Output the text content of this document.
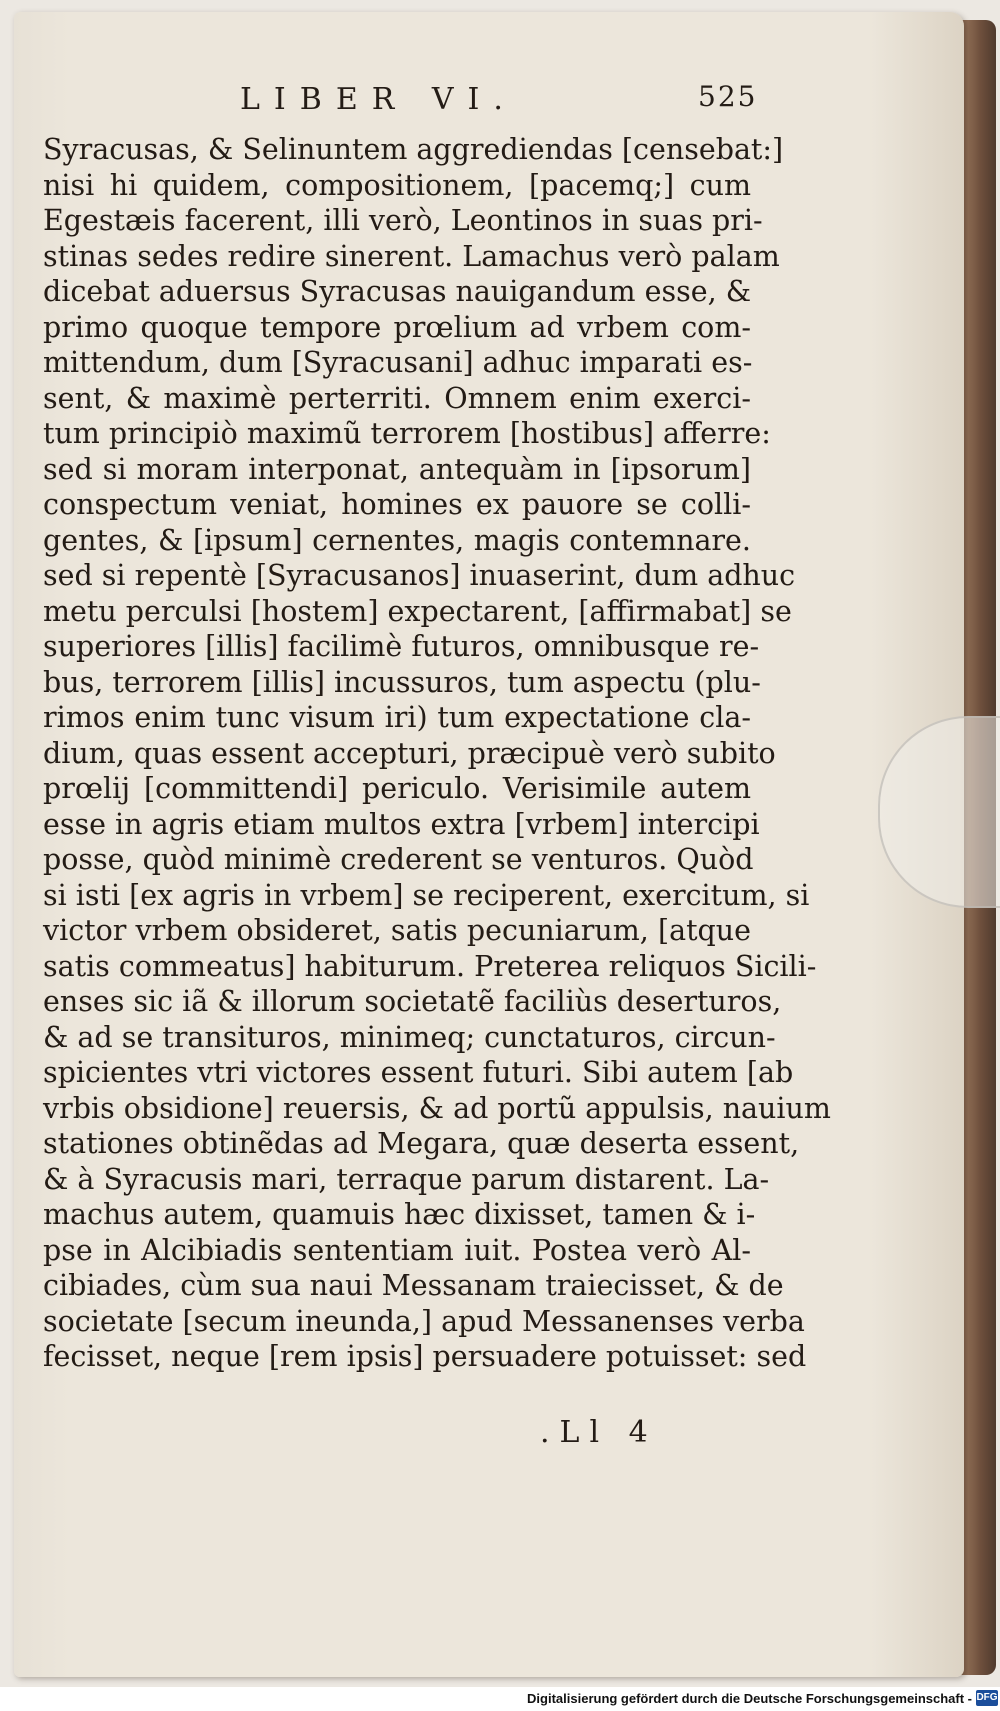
LIBER VI.	525
Syracusas, & Selinuntem aggrediendas [censebat:]
nisi hi quidem, compositionem, [pacemq;] cum
Egestæis facerent, illi verò, Leontinos in suas pri-
stinas sedes redire sinerent. Lamachus verò palam
dicebat aduersus Syracusas nauigandum esse, &
primo quoque tempore prœlium ad vrbem com-
mittendum, dum [Syracusani] adhuc imparati es-
sent, & maximè perterriti. Omnem enim exerci-
tum principiò maximũ terrorem [hostibus] afferre:
sed si moram interponat, antequàm in [ipsorum]
conspectum veniat, homines ex pauore se colli-
gentes, & [ipsum] cernentes, magis contemnare.
sed si repentè [Syracusanos] inuaserint, dum adhuc
metu perculsi [hostem] expectarent, [affirmabat] se
superiores [illis] facilimè futuros, omnibusque re-
bus, terrorem [illis] incussuros, tum aspectu (plu-
rimos enim tunc visum iri) tum expectatione cla-
dium, quas essent accepturi, præcipuè verò subito
prœlij [committendi] periculo. Verisimile autem
esse in agris etiam multos extra [vrbem] intercipi
posse, quòd minimè crederent se venturos. Quòd
si isti [ex agris in vrbem] se reciperent, exercitum, si
victor vrbem obsideret, satis pecuniarum, [atque
satis commeatus] habiturum. Preterea reliquos Sicili-
enses sic iã & illorum societatẽ faciliùs deserturos,
& ad se transituros, minimeq; cunctaturos, circun-
spicientes vtri victores essent futuri. Sibi autem [ab
vrbis obsidione] reuersis, & ad portũ appulsis, nauium
stationes obtinẽdas ad Megara, quæ deserta essent,
& à Syracusis mari, terraque parum distarent. La-
machus autem, quamuis hæc dixisset, tamen & i-
pse in Alcibiadis sententiam iuit. Postea verò Al-
cibiades, cùm sua naui Messanam traiecisset, & de
societate [secum ineunda,] apud Messanenses verba
fecisset, neque [rem ipsis] persuadere potuisset: sed
.Ll 4
Digitalisierung gefördert durch die Deutsche Forschungsgemeinschaft - DFG
